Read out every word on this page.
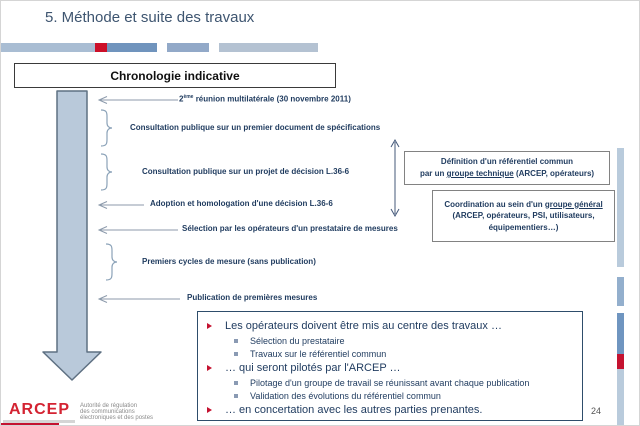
5. Méthode et suite des travaux
Chronologie indicative
2ème réunion multilatérale (30 novembre 2011)
Consultation publique sur un premier document de spécifications
Consultation publique sur un projet de décision L.36-6
Adoption et homologation d'une décision L.36-6
Sélection par les opérateurs d'un prestataire de mesures
Premiers cycles de mesure (sans publication)
Publication de premières mesures
Définition d'un référentiel commun
par un groupe technique (ARCEP, opérateurs)
Coordination au sein d'un groupe général
(ARCEP, opérateurs, PSI, utilisateurs,
équipementiers…)
Les opérateurs doivent être mis au centre des travaux …
Sélection du prestataire
Travaux sur le référentiel commun
… qui seront pilotés par l'ARCEP …
Pilotage d'un groupe de travail se réunissant avant chaque publication
Validation des évolutions du référentiel commun
… en concertation avec les autres parties prenantes.
ARCEP Autorité de régulation
des communications
électroniques et des postes
24
